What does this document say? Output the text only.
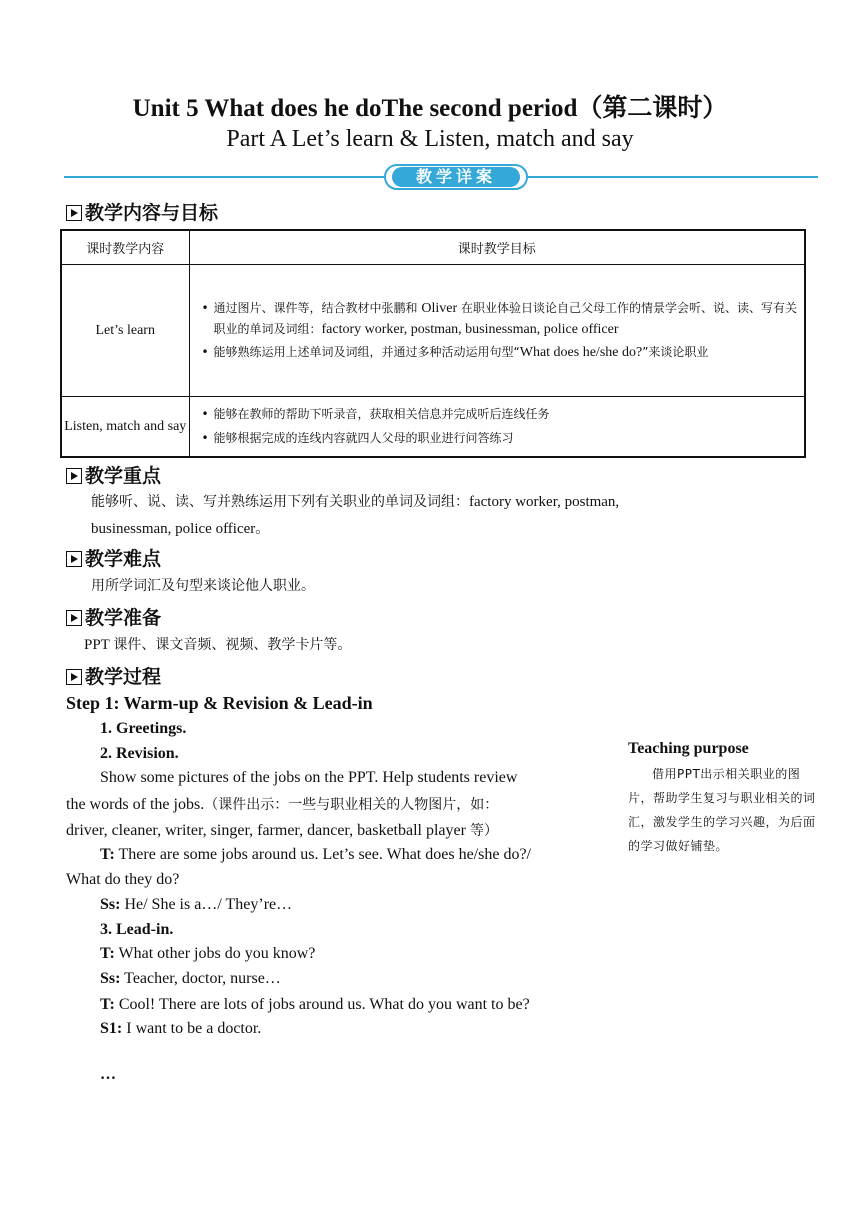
Unit 5 What does he doThe second period（第二课时）
Part A Let’s learn & Listen, match and say
教学详案
教学内容与目标
课时教学内容	课时教学目标
Let’s learn	• 通过图片、课件等，结合教材中张鹏和 Oliver 在职业体验日谈论自己父母工作的情景学会听、说、读、写有关职业的单词及词组：factory worker, postman, businessman, police officer
• 能够熟练运用上述单词及词组，并通过多种活动运用句型“What does he/she do?”来谈论职业

Listen, match and say	• 能够在教师的帮助下听录音，获取相关信息并完成听后连线任务
• 能够根据完成的连线内容就四人父母的职业进行问答练习
教学重点
能够听、说、读、写并熟练运用下列有关职业的单词及词组：factory worker, postman,
businessman, police officer。
教学难点
用所学词汇及句型来谈论他人职业。
教学准备
PPT 课件、课文音频、视频、教学卡片等。
教学过程
Step 1: Warm-up & Revision & Lead-in
1. Greetings.
2. Revision.
Show some pictures of the jobs on the PPT. Help students review
the words of the jobs.（课件出示：一些与职业相关的人物图片，如：
driver, cleaner, writer, singer, farmer, dancer, basketball player 等）
T: There are some jobs around us. Let’s see. What does he/she do?/
What do they do?
Ss: He/ She is a…/ They’re…
3. Lead-in.
T: What other jobs do you know?
Ss: Teacher, doctor, nurse…
T: Cool! There are lots of jobs around us. What do you want to be?
S1: I want to be a doctor.
…
Teaching purpose
借用PPT出示相关职业的图片，帮助学生复习与职业相关的词汇，激发学生的学习兴趣，为后面的学习做好铺垫。
